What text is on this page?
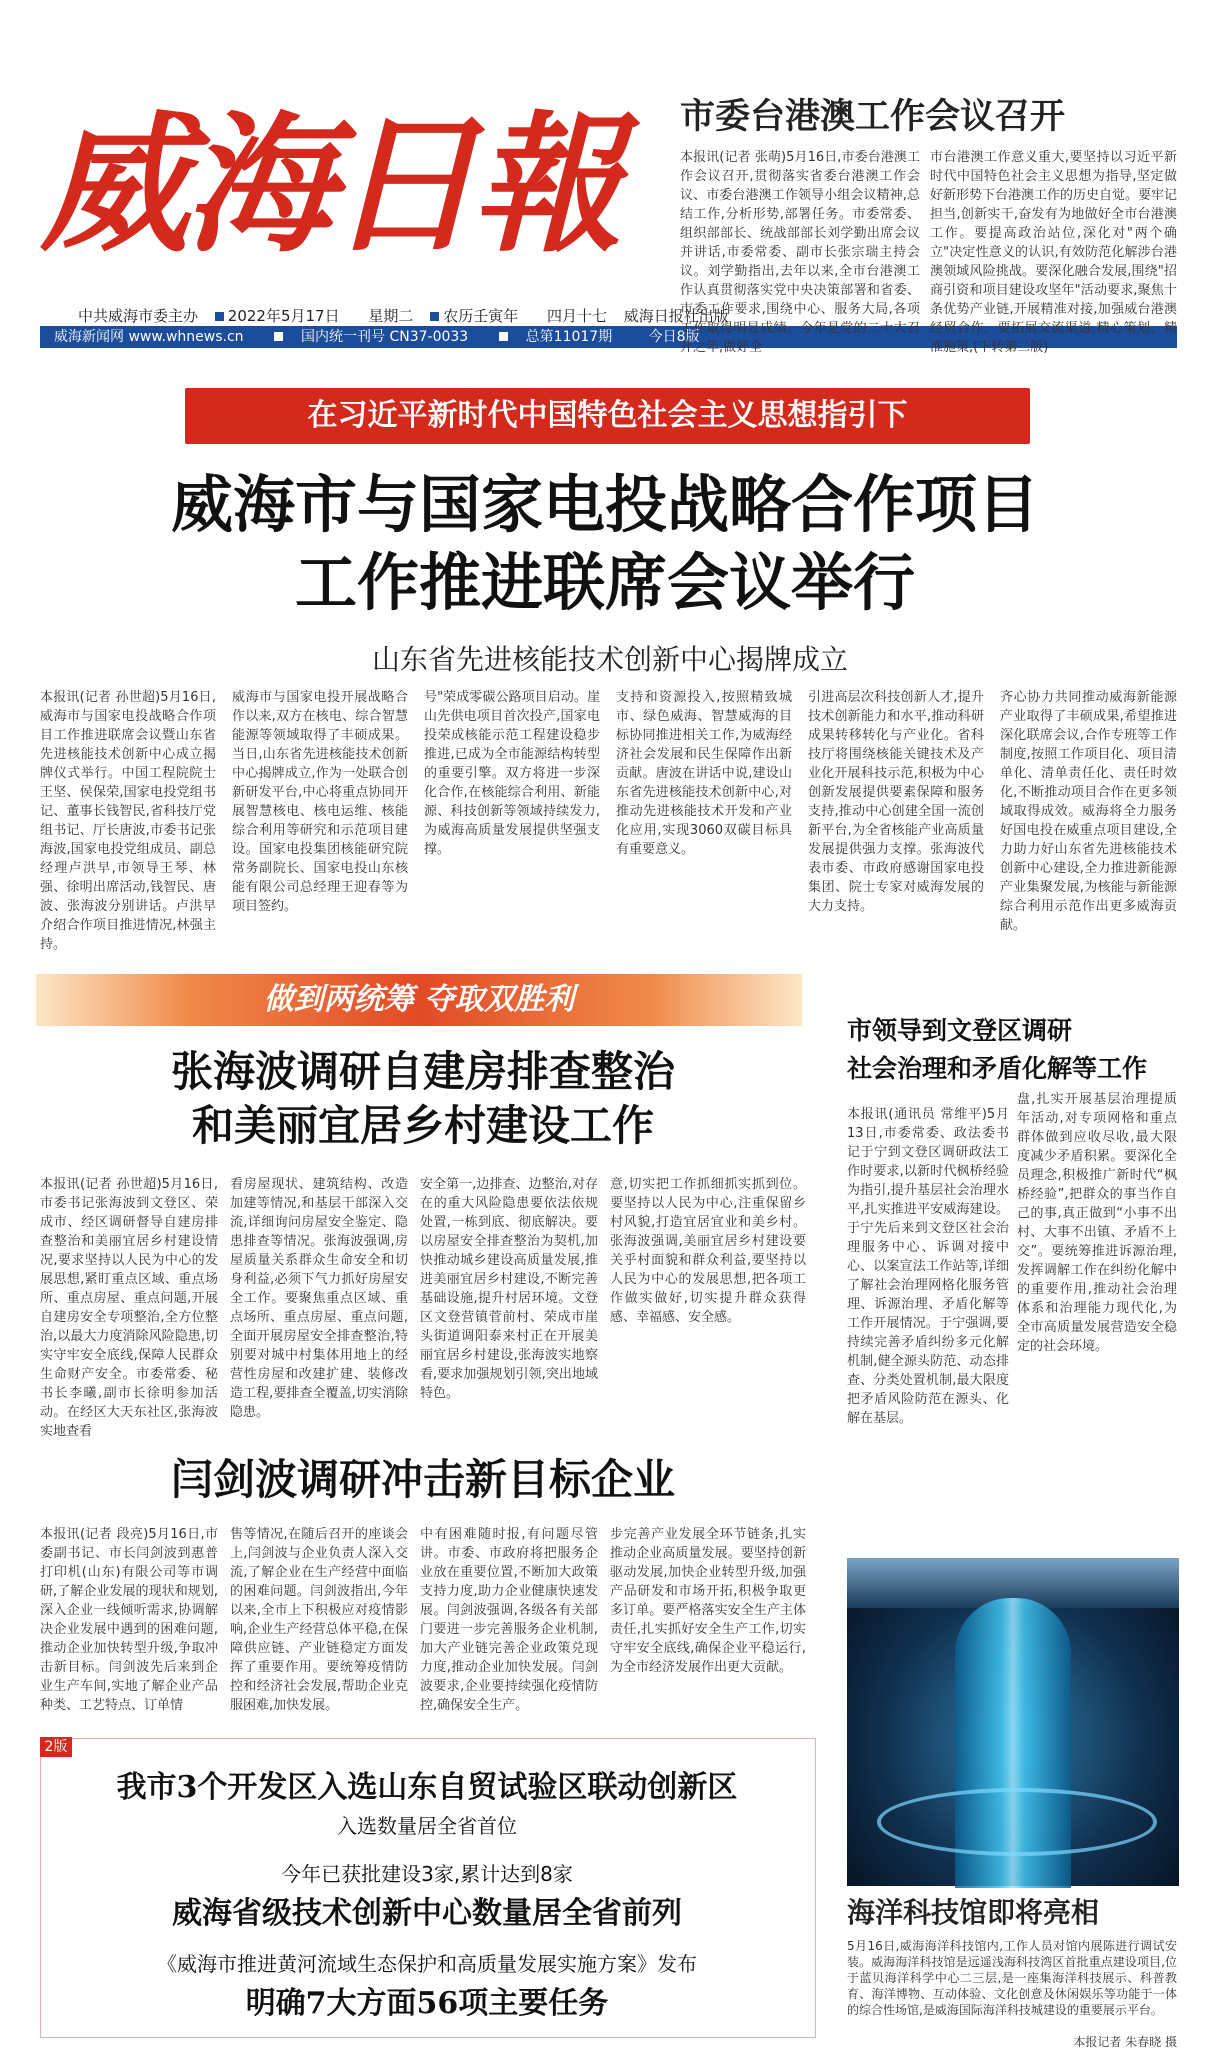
威海日報
中共威海市委主办 2022年5月17日 星期二 农历壬寅年 四月十七 威海日报社出版
威海新闻网 www.whnews.cn	国内统一刊号 CN37-0033	总第11017期	今日8版
市委台港澳工作会议召开
本报讯(记者 张萌)5月16日,市委台港澳工作会议召开,贯彻落实省委台港澳工作会议、市委台港澳工作领导小组会议精神,总结工作,分析形势,部署任务。市委常委、组织部部长、统战部部长刘学勤出席会议并讲话,市委常委、副市长张宗瑞主持会议。刘学勤指出,去年以来,全市台港澳工作认真贯彻落实党中央决策部署和省委、市委工作要求,围绕中心、服务大局,各项工作取得明显成绩。今年是党的二十大召开之年,做好全
市台港澳工作意义重大,要坚持以习近平新时代中国特色社会主义思想为指导,坚定做好新形势下台港澳工作的历史自觉。要牢记担当,创新实干,奋发有为地做好全市台港澳工作。要提高政治站位,深化对"两个确立"决定性意义的认识,有效防范化解涉台港澳领域风险挑战。要深化融合发展,围绕"招商引资和项目建设攻坚年"活动要求,聚焦十条优势产业链,开展精准对接,加强威台港澳经贸合作。要拓展交流渠道,精心策划、精准施策,(下转第二版)
在习近平新时代中国特色社会主义思想指引下
威海市与国家电投战略合作项目
工作推进联席会议举行
山东省先进核能技术创新中心揭牌成立
本报讯(记者 孙世超)5月16日,威海市与国家电投战略合作项目工作推进联席会议暨山东省先进核能技术创新中心成立揭牌仪式举行。中国工程院院士王坚、侯保荣,国家电投党组书记、董事长钱智民,省科技厅党组书记、厅长唐波,市委书记张海波,国家电投党组成员、副总经理卢洪早,市领导王琴、林强、徐明出席活动,钱智民、唐波、张海波分别讲话。卢洪早介绍合作项目推进情况,林强主持。
威海市与国家电投开展战略合作以来,双方在核电、综合智慧能源等领域取得了丰硕成果。当日,山东省先进核能技术创新中心揭牌成立,作为一处联合创新研发平台,中心将重点协同开展智慧核电、核电运维、核能综合利用等研究和示范项目建设。国家电投集团核能研究院常务副院长、国家电投山东核能有限公司总经理王迎春等为项目签约。
号"荣成零碳公路项目启动。崖山先供电项目首次投产,国家电投荣成核能示范工程建设稳步推进,已成为全市能源结构转型的重要引擎。双方将进一步深化合作,在核能综合利用、新能源、科技创新等领域持续发力,为威海高质量发展提供坚强支撑。
支持和资源投入,按照精致城市、绿色威海、智慧威海的目标协同推进相关工作,为威海经济社会发展和民生保障作出新贡献。唐波在讲话中说,建设山东省先进核能技术创新中心,对推动先进核能技术开发和产业化应用,实现3060双碳目标具有重要意义。
引进高层次科技创新人才,提升技术创新能力和水平,推动科研成果转移转化与产业化。省科技厅将围绕核能关键技术及产业化开展科技示范,积极为中心创新发展提供要素保障和服务支持,推动中心创建全国一流创新平台,为全省核能产业高质量发展提供强力支撑。张海波代表市委、市政府感谢国家电投集团、院士专家对威海发展的大力支持。
齐心协力共同推动威海新能源产业取得了丰硕成果,希望推进深化联席会议,合作专班等工作制度,按照工作项目化、项目清单化、清单责任化、责任时效化,不断推动项目合作在更多领域取得成效。威海将全力服务好国电投在威重点项目建设,全力助力好山东省先进核能技术创新中心建设,全力推进新能源产业集聚发展,为核能与新能源综合利用示范作出更多威海贡献。
做到两统筹 夺取双胜利
张海波调研自建房排查整治
和美丽宜居乡村建设工作
本报讯(记者 孙世超)5月16日,市委书记张海波到文登区、荣成市、经区调研督导自建房排查整治和美丽宜居乡村建设情况,要求坚持以人民为中心的发展思想,紧盯重点区域、重点场所、重点房屋、重点问题,开展自建房安全专项整治,全方位整治,以最大力度消除风险隐患,切实守牢安全底线,保障人民群众生命财产安全。市委常委、秘书长李曦,副市长徐明参加活动。在经区大天东社区,张海波实地查看
看房屋现状、建筑结构、改造加建等情况,和基层干部深入交流,详细询问房屋安全鉴定、隐患排查等情况。张海波强调,房屋质量关系群众生命安全和切身利益,必须下气力抓好房屋安全工作。要聚焦重点区域、重点场所、重点房屋、重点问题,全面开展房屋安全排查整治,特别要对城中村集体用地上的经营性房屋和改建扩建、装修改造工程,要排查全覆盖,切实消除隐患。
安全第一,边排查、边整治,对存在的重大风险隐患要依法依规处置,一栋到底、彻底解决。要以房屋安全排查整治为契机,加快推动城乡建设高质量发展,推进美丽宜居乡村建设,不断完善基础设施,提升村居环境。文登区文登营镇菅前村、荣成市崖头街道调阳泰来村正在开展美丽宜居乡村建设,张海波实地察看,要求加强规划引领,突出地域特色。
意,切实把工作抓细抓实抓到位。要坚持以人民为中心,注重保留乡村风貌,打造宜居宜业和美乡村。张海波强调,美丽宜居乡村建设要关乎村面貌和群众利益,要坚持以人民为中心的发展思想,把各项工作做实做好,切实提升群众获得感、幸福感、安全感。
市领导到文登区调研
社会治理和矛盾化解等工作
本报讯(通讯员 常维平)5月13日,市委常委、政法委书记于宁到文登区调研政法工作时要求,以新时代枫桥经验为指引,提升基层社会治理水平,扎实推进平安威海建设。于宁先后来到文登区社会治理服务中心、诉调对接中心、以案宣法工作站等,详细了解社会治理网格化服务管理、诉源治理、矛盾化解等工作开展情况。于宁强调,要持续完善矛盾纠纷多元化解机制,健全源头防范、动态排查、分类处置机制,最大限度把矛盾风险防范在源头、化解在基层。
盘,扎实开展基层治理提质年活动,对专项网格和重点群体做到应收尽收,最大限度减少矛盾积累。要深化全员理念,积极推广新时代“枫桥经验”,把群众的事当作自己的事,真正做到“小事不出村、大事不出镇、矛盾不上交”。要统筹推进诉源治理,发挥调解工作在纠纷化解中的重要作用,推动社会治理体系和治理能力现代化,为全市高质量发展营造安全稳定的社会环境。
闫剑波调研冲击新目标企业
本报讯(记者 段亮)5月16日,市委副书记、市长闫剑波到惠普打印机(山东)有限公司等市调研,了解企业发展的现状和规划,深入企业一线倾听需求,协调解决企业发展中遇到的困难问题,推动企业加快转型升级,争取冲击新目标。闫剑波先后来到企业生产车间,实地了解企业产品种类、工艺特点、订单情
售等情况,在随后召开的座谈会上,闫剑波与企业负责人深入交流,了解企业在生产经营中面临的困难问题。闫剑波指出,今年以来,全市上下积极应对疫情影响,企业生产经营总体平稳,在保障供应链、产业链稳定方面发挥了重要作用。要统筹疫情防控和经济社会发展,帮助企业克服困难,加快发展。
中有困难随时报,有问题尽管讲。市委、市政府将把服务企业放在重要位置,不断加大政策支持力度,助力企业健康快速发展。闫剑波强调,各级各有关部门要进一步完善服务企业机制,加大产业链完善企业政策兑现力度,推动企业加快发展。闫剑波要求,企业要持续强化疫情防控,确保安全生产。
步完善产业发展全环节链条,扎实推动企业高质量发展。要坚持创新驱动发展,加快企业转型升级,加强产品研发和市场开拓,积极争取更多订单。要严格落实安全生产主体责任,扎实抓好安全生产工作,切实守牢安全底线,确保企业平稳运行,为全市经济发展作出更大贡献。
海洋科技馆即将亮相
5月16日,威海海洋科技馆内,工作人员对馆内展陈进行调试安装。威海海洋科技馆是远遥浅海科技湾区首批重点建设项目,位于蓝贝海洋科学中心二三层,是一座集海洋科技展示、科普教育、海洋博物、互动体验、文化创意及休闲娱乐等功能于一体的综合性场馆,是威海国际海洋科技城建设的重要展示平台。
本报记者 朱春晓 摄
2版
我市3个开发区入选山东自贸试验区联动创新区
入选数量居全省首位
今年已获批建设3家,累计达到8家
威海省级技术创新中心数量居全省前列
《威海市推进黄河流域生态保护和高质量发展实施方案》发布
明确7大方面56项主要任务
